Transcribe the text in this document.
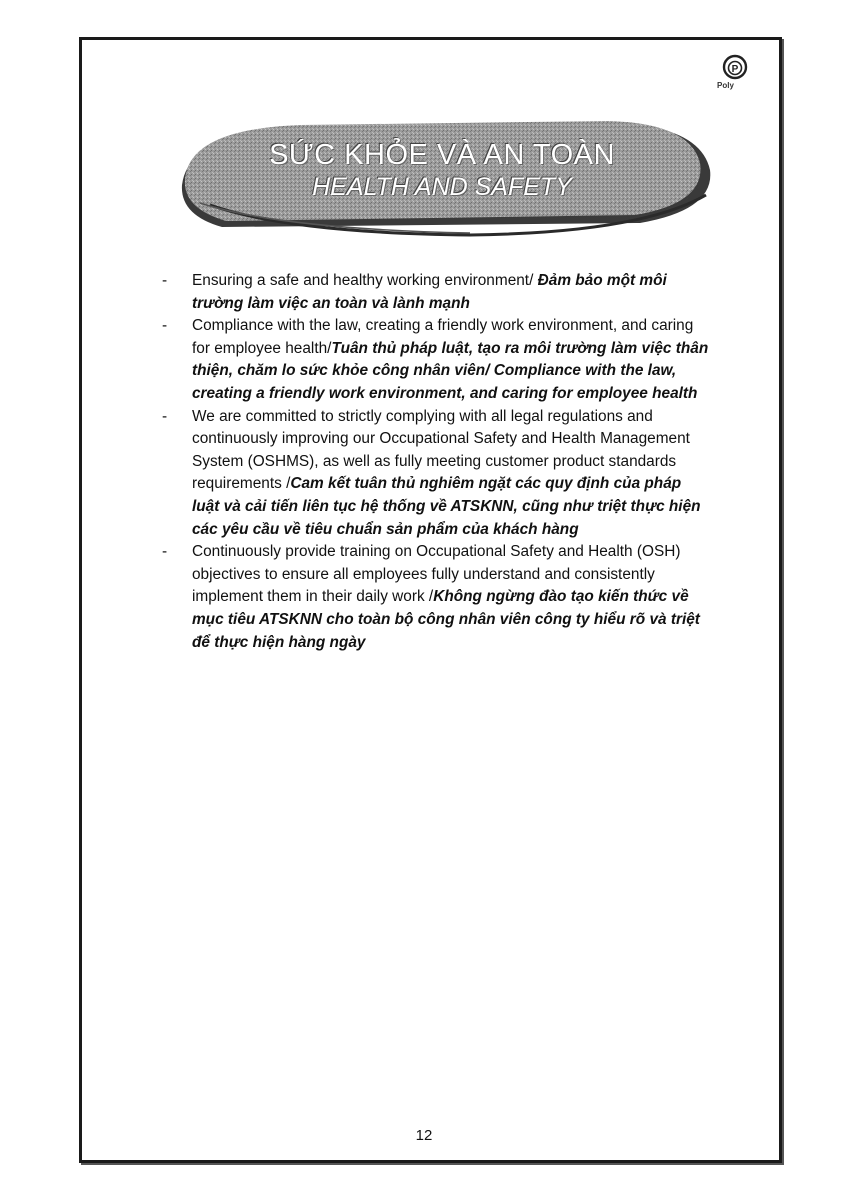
P
Poly
SỨC KHỎE VÀ AN TOÀN
HEALTH AND SAFETY
-	Ensuring a safe and healthy working environment/ Đảm bảo một môi trường làm việc an toàn và lành mạnh
-	Compliance with the law, creating a friendly work environment, and caring for employee health/Tuân thủ pháp luật, tạo ra môi trường làm việc thân thiện, chăm lo sức khỏe công nhân viên/ Compliance with the law, creating a friendly work environment, and caring for employee health
-	We are committed to strictly complying with all legal regulations and continuously improving our Occupational Safety and Health Management System (OSHMS), as well as fully meeting customer product standards requirements /Cam kết tuân thủ nghiêm ngặt các quy định của pháp luật và cải tiến liên tục hệ thống về ATSKNN, cũng như triệt thực hiện các yêu cầu về tiêu chuẩn sản phẩm của khách hàng
-	Continuously provide training on Occupational Safety and Health (OSH) objectives to ensure all employees fully understand and consistently implement them in their daily work /Không ngừng đào tạo kiến thức về mục tiêu ATSKNN cho toàn bộ công nhân viên công ty hiểu rõ và triệt để thực hiện hàng ngày
12
